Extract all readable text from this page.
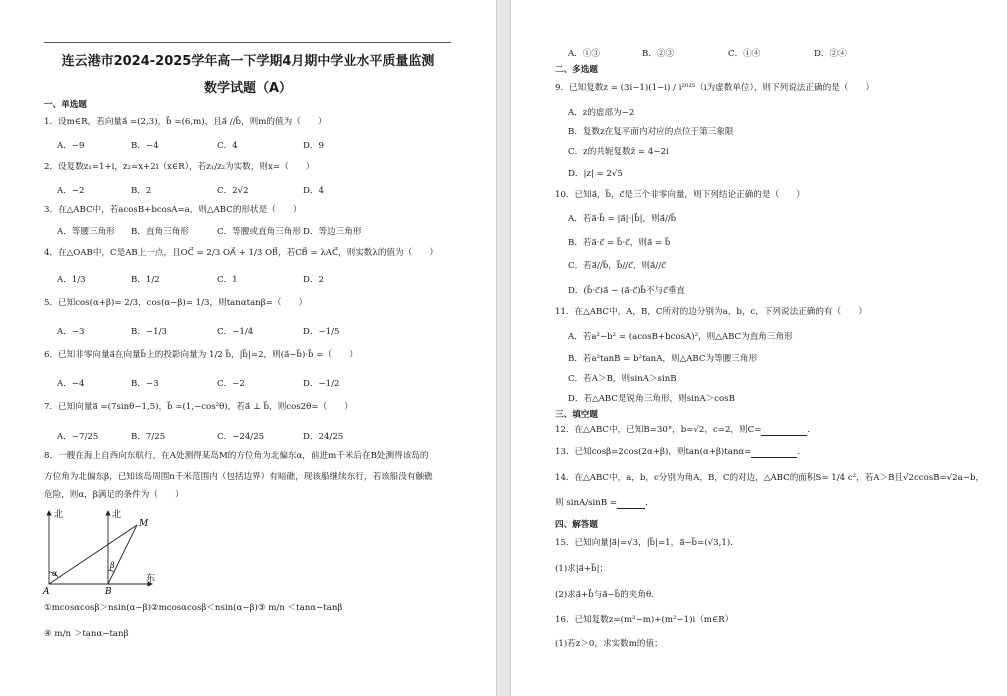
连云港市2024-2025学年高一下学期4月期中学业水平质量监测
数学试题（A）
一、单选题
1．设m∈R，若向量a⃗ =(2,3)，b⃗ =(6,m)，且a⃗ //b⃗，则m的值为（　　）
A．−9	B．−4	C．4	D．9
2．设复数z₁=1+i，z₂=x+2i（x∈R），若z₁/z₂为实数，则x=（　　）
A．−2	B．2	C．2√2	D．4
3．在△ABC中，若acosB+bcosA=a，则△ABC的形状是（　　）
A．等腰三角形 B．直角三角形	C．等腰或直角三角形 D．等边三角形
4．在△OAB中，C是AB上一点，且OC⃗ = 2/3 OA⃗ + 1/3 OB⃗，若CB⃗ = λAC⃗，则实数λ的值为（　　）
A．1/3	B．1/2	C．1	D．2
5．已知cos(α+β)= 2/3，cos(α−β)= 1/3，则tanαtanβ=（　　）
A．−3	B．−1/3	C．−1/4	D．−1/5
6．已知非零向量a⃗在向量b⃗上的投影向量为 1/2 b⃗，|b⃗|=2，则(a⃗−b⃗)·b⃗ =（　　）
A．−4	B．−3	C．−2	D．−1/2
7．已知向量a⃗ =(7sinθ−1,5)，b⃗ =(1,−cos²θ)，若a⃗ ⊥ b⃗，则cos2θ=（　　）
A．−7/25	B．7/25	C．−24/25	D．24/25
8．一艘在海上自西向东航行，在A处测得某岛M的方位角为北偏东α，前进m千米后在B处测得该岛的
方位角为北偏东β，已知该岛周围n千米范围内（包括边界）有暗礁，现该船继续东行，若该船没有触礁
危险，则α，β满足的条件为（　　）
北	北
东
A	B
M
α
β
①mcosαcosβ＞nsin(α−β)②mcosαcosβ＜nsin(α−β)③ m/n ＜tanα−tanβ
④ m/n ＞tanα−tanβ
A．①③	B．②③	C．①④	D．②④
二、多选题
9．已知复数z = (3i−1)(1−i) / i²⁰²⁵（i为虚数单位），则下列说法正确的是（　　）
A．z的虚部为−2
B．复数z在复平面内对应的点位于第三象限
C．z的共轭复数z̄ = 4−2i
D．|z| = 2√5
10．已知a⃗，b⃗，c⃗是三个非零向量，则下列结论正确的是（　　）
A．若a⃗·b⃗ = |a⃗|·|b⃗|，则a⃗//b⃗
B．若a⃗·c⃗ = b⃗·c⃗，则a⃗ = b⃗
C．若a⃗//b⃗，b⃗//c⃗，则a⃗//c⃗
D．(b⃗·c⃗)a⃗ − (a⃗·c⃗)b⃗不与c⃗垂直
11．在△ABC中，A，B，C所对的边分别为a，b，c，下列说法正确的有（　　）
A．若a²−b² = (acosB+bcosA)²，则△ABC为直角三角形
B．若a²tanB = b²tanA，则△ABC为等腰三角形
C．若A＞B，则sinA＞sinB
D．若△ABC是锐角三角形，则sinA＞cosB
三、填空题
12．在△ABC中，已知B=30°，b=√2，c=2，则C=	.
13．已知cosβ=2cos(2α+β)，则tan(α+β)tanα=	.
14．在△ABC中，a，b，c分别为角A，B，C的对边，△ABC的面积S= 1/4 c²，若A＞B且√2ccosB=√2a−b，
则 sinA/sinB =	.
四、解答题
15．已知向量|a⃗|=√3，|b⃗|=1，a⃗−b⃗=(√3,1).
(1)求|a⃗+b⃗|；
(2)求a⃗+b⃗与a⃗−b⃗的夹角θ.
16．已知复数z=(m²−m)+(m²−1)i（m∈R）
(1)若z＞0，求实数m的值；
